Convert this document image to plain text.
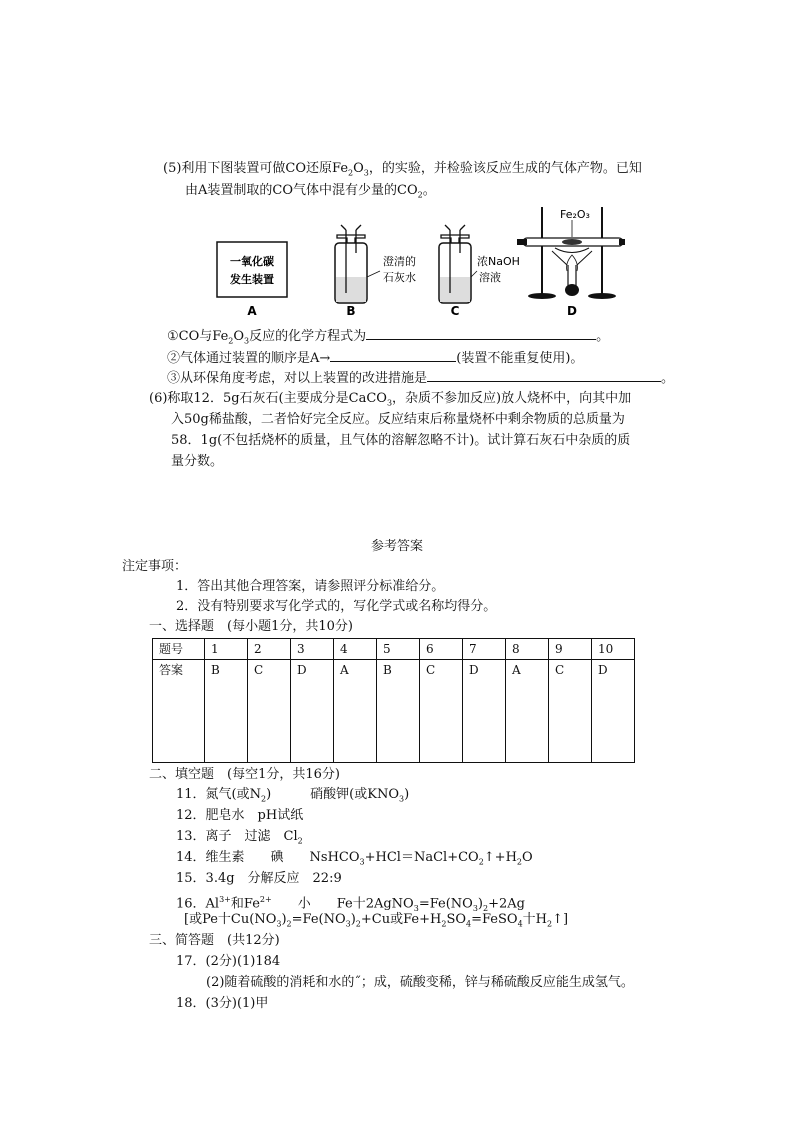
(5)利用下图装置可做CO还原$Fe_2O_3$，的实验，并检验该反应生成的气体产物。已知
由A装置制取的CO气体中混有少量的$CO_2$。
一氧化碳
发生装置
A
澄清的
石灰水
B
浓NaOH
溶液
C
Fe₂O₃
D
①CO与$Fe_2O_3$反应的化学方程式为	。
②气体通过装置的顺序是A→	(装置不能重复使用)。
③从环保角度考虑，对以上装置的改进措施是	。
(6)称取12．5g石灰石(主要成分是CaCO$_3$，杂质不参加反应)放人烧杯中，向其中加
入50g稀盐酸，二者恰好完全反应。反应结束后称量烧杯中剩余物质的总质量为
58．1g(不包括烧杯的质量，且气体的溶解忽略不计)。试计算石灰石中杂质的质
量分数。
参考答案
注定事项：
1．答出其他合理答案，请参照评分标准给分。
2．没有特别要求写化学式的，写化学式或名称均得分。
一、选择题　(每小题1分，共10分)
题号	1	2	3	4	5	6	7	8	9	10
答案	B	C	D	A	B	C	D	A	C	D
二、填空题　(每空1分，共16分)
11．氮气(或$N_2$)　　　硝酸钾(或$KNO_3$)
12．肥皂水　pH试纸
13．离子　过滤　$Cl_2$
14．维生素　　碘　　$NsHCO_3+HCl=NaCl+CO_2↑+H_2O$
15．3.4g　分解反应　22:9
16．$Al^{3+}$和$Fe^{2+}$　　小　　Fe十$2AgNO_3=Fe(NO_3)_2+2Ag$
[或Pe十$Cu(NO_3)_2=Fe(NO_3)_2+Cu$或$Fe+H_2SO_4=FeSO_4$十$H_2↑$]
三、简答题　(共12分)
17．(2分)(1)184
(2)随着硫酸的消耗和水的˝；成，硫酸变稀，锌与稀硫酸反应能生成氢气。
18．(3分)(1)甲
